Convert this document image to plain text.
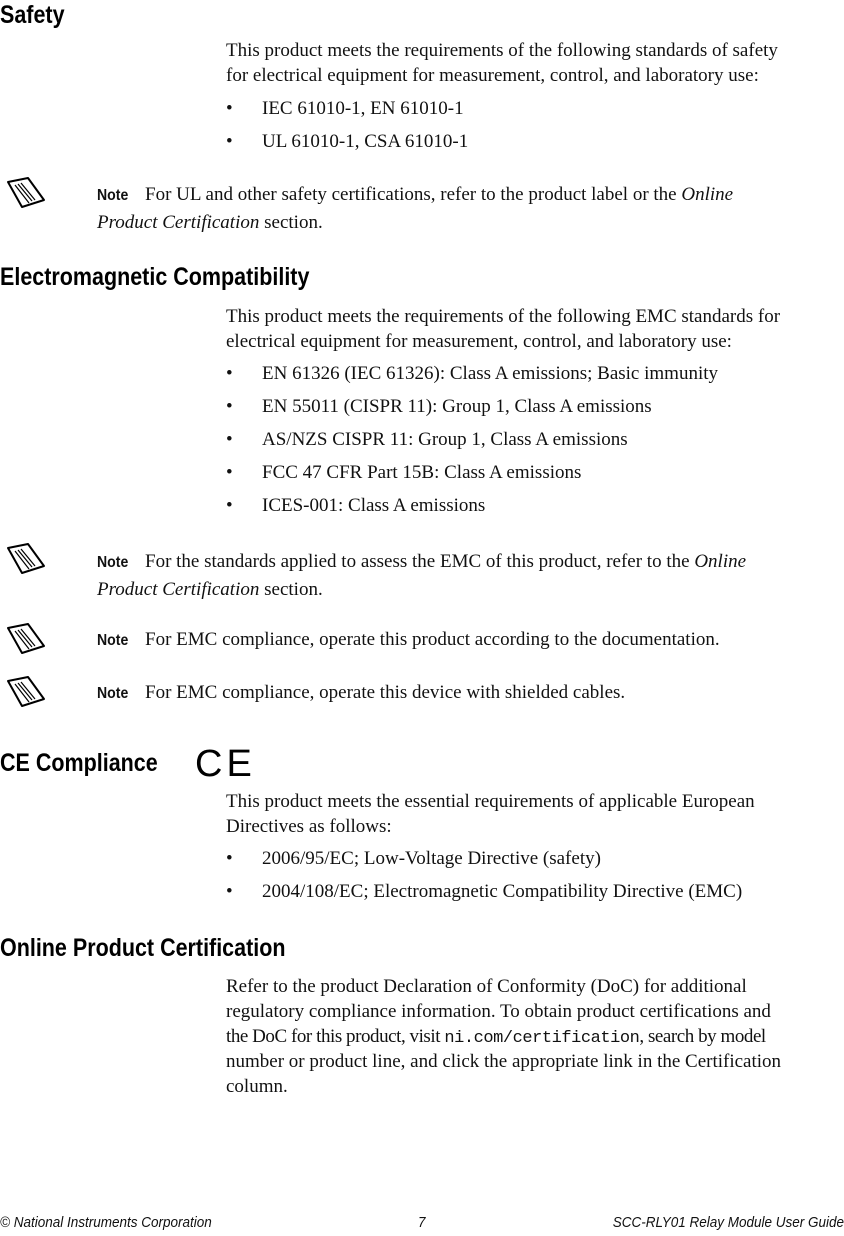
Safety

This product meets the requirements of the following standards of safety

for electrical equipment for measurement, control, and laboratory use:

• IEC 61010-1, EN 61010-1
• UL 61010-1, CSA 61010-1
Note For UL and other safety certifications, refer to the product label or the Online
Product Certification section.
Electromagnetic Compatibility

This product meets the requirements of the following EMC standards for

electrical equipment for measurement, control, and laboratory use:

• EN 61326 (IEC 61326): Class A emissions; Basic immunity
• EN 55011 (CISPR 11): Group 1, Class A emissions
• AS/NZS CISPR 11: Group 1, Class A emissions
• FCC 47 CFR Part 15B: Class A emissions
• ICES-001: Class A emissions
Note For the standards applied to assess the EMC of this product, refer to the Online
Product Certification section.
Note For EMC compliance, operate this product according to the documentation.
Note For EMC compliance, operate this device with shielded cables.
CE Compliance CE

This product meets the essential requirements of applicable European

Directives as follows:

• 2006/95/EC; Low-Voltage Directive (safety)
• 2004/108/EC; Electromagnetic Compatibility Directive (EMC)
Online Product Certification

Refer to the product Declaration of Conformity (DoC) for additional

regulatory compliance information. To obtain product certifications and

the DoC for this product, visit ni.com/certification, search by model

number or product line, and click the appropriate link in the Certification

column.

© National Instruments Corporation	7	SCC-RLY01 Relay Module User Guide
